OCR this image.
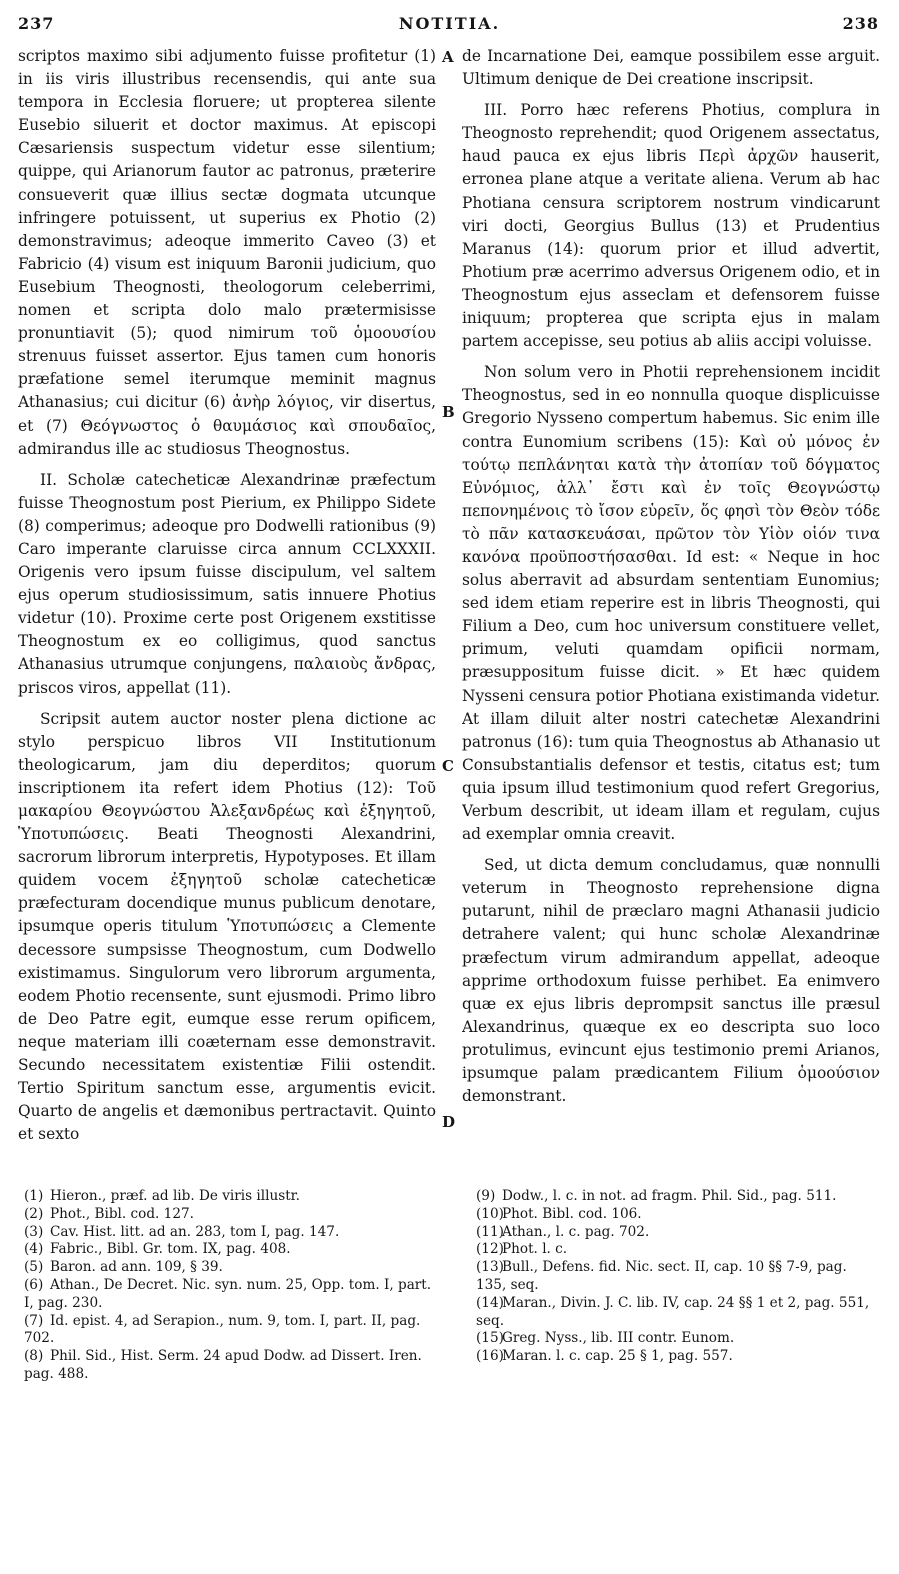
237	NOTITIA.	238

scriptos maximo sibi adjumento fuisse profitetur (1) in iis viris illustribus recensendis, qui ante sua tempora in Ecclesia floruere; ut propterea silente Eusebio siluerit et doctor maximus. At episcopi Cæsariensis suspectum videtur esse silentium; quippe, qui Arianorum fautor ac patronus, præterire consueverit quæ illius sectæ dogmata utcunque infringere potuissent, ut superius ex Photio (2) demonstravimus; adeoque immerito Caveo (3) et Fabricio (4) visum est iniquum Baronii judicium, quo Eusebium Theognosti, theologorum celeberrimi, nomen et scripta dolo malo prætermisisse pronuntiavit (5); quod nimirum τοῦ ὁμοουσίου strenuus fuisset assertor. Ejus tamen cum honoris præfatione semel iterumque meminit magnus Athanasius; cui dicitur (6) ἀνὴρ λόγιος, vir disertus, et (7) Θεόγνωστος ὁ θαυμάσιος καὶ σπουδαῖος, admirandus ille ac studiosus Theognostus.

II. Scholæ catecheticæ Alexandrinæ præfectum fuisse Theognostum post Pierium, ex Philippo Sidete (8) comperimus; adeoque pro Dodwelli rationibus (9) Caro imperante claruisse circa annum CCLXXXII. Origenis vero ipsum fuisse discipulum, vel saltem ejus operum studiosissimum, satis innuere Photius videtur (10). Proxime certe post Origenem exstitisse Theognostum ex eo colligimus, quod sanctus Athanasius utrumque conjungens, παλαιοὺς ἄνδρας, priscos viros, appellat (11).

Scripsit autem auctor noster plena dictione ac stylo perspicuo libros VII Institutionum theologicarum, jam diu deperditos; quorum inscriptionem ita refert idem Photius (12): Τοῦ μακαρίου Θεογνώστου Ἀλεξανδρέως καὶ ἐξηγητοῦ, Ὑποτυπώσεις. Beati Theognosti Alexandrini, sacrorum librorum interpretis, Hypotyposes. Et illam quidem vocem ἐξηγητοῦ scholæ catecheticæ præfecturam docendique munus publicum denotare, ipsumque operis titulum Ὑποτυπώσεις a Clemente decessore sumpsisse Theognostum, cum Dodwello existimamus. Singulorum vero librorum argumenta, eodem Photio recensente, sunt ejusmodi. Primo libro de Deo Patre egit, eumque esse rerum opificem, neque materiam illi coæternam esse demonstravit. Secundo necessitatem existentiæ Filii ostendit. Tertio Spiritum sanctum esse, argumentis evicit. Quarto de angelis et dæmonibus pertractavit. Quinto et sexto

A
B
C
D

de Incarnatione Dei, eamque possibilem esse arguit. Ultimum denique de Dei creatione inscripsit.

III. Porro hæc referens Photius, complura in Theognosto reprehendit; quod Origenem assectatus, haud pauca ex ejus libris Περὶ ἀρχῶν hauserit, erronea plane atque a veritate aliena. Verum ab hac Photiana censura scriptorem nostrum vindicarunt viri docti, Georgius Bullus (13) et Prudentius Maranus (14): quorum prior et illud advertit, Photium præ acerrimo adversus Origenem odio, et in Theognostum ejus asseclam et defensorem fuisse iniquum; propterea que scripta ejus in malam partem accepisse, seu potius ab aliis accipi voluisse.

Non solum vero in Photii reprehensionem incidit Theognostus, sed in eo nonnulla quoque displicuisse Gregorio Nysseno compertum habemus. Sic enim ille contra Eunomium scribens (15): Καὶ οὐ μόνος ἐν τούτῳ πεπλάνηται κατὰ τὴν ἀτοπίαν τοῦ δόγματος Εὐνόμιος, ἀλλ᾽ ἔστι καὶ ἐν τοῖς Θεογνώστῳ πεπονημένοις τὸ ἴσον εὑρεῖν, ὅς φησὶ τὸν Θεὸν τόδε τὸ πᾶν κατασκευάσαι, πρῶτον τὸν Υἱὸν οἱόν τινα κανόνα προϋποστήσασθαι. Id est: « Neque in hoc solus aberravit ad absurdam sententiam Eunomius; sed idem etiam reperire est in libris Theognosti, qui Filium a Deo, cum hoc universum constituere vellet, primum, veluti quamdam opificii normam, præsuppositum fuisse dicit. » Et hæc quidem Nysseni censura potior Photiana existimanda videtur. At illam diluit alter nostri catechetæ Alexandrini patronus (16): tum quia Theognostus ab Athanasio ut Consubstantialis defensor et testis, citatus est; tum quia ipsum illud testimonium quod refert Gregorius, Verbum describit, ut ideam illam et regulam, cujus ad exemplar omnia creavit.

Sed, ut dicta demum concludamus, quæ nonnulli veterum in Theognosto reprehensione digna putarunt, nihil de præclaro magni Athanasii judicio detrahere valent; qui hunc scholæ Alexandrinæ præfectum virum admirandum appellat, adeoque apprime orthodoxum fuisse perhibet. Ea enimvero quæ ex ejus libris deprompsit sanctus ille præsul Alexandrinus, quæque ex eo descripta suo loco protulimus, evincunt ejus testimonio premi Arianos, ipsumque palam prædicantem Filium ὁμοούσιον demonstrant.

(1) Hieron., præf. ad lib. De viris illustr.

(2) Phot., Bibl. cod. 127.

(3) Cav. Hist. litt. ad an. 283, tom I, pag. 147.

(4) Fabric., Bibl. Gr. tom. IX, pag. 408.

(5) Baron. ad ann. 109, § 39.

(6) Athan., De Decret. Nic. syn. num. 25, Opp. tom. I, part. I, pag. 230.

(7) Id. epist. 4, ad Serapion., num. 9, tom. I, part. II, pag. 702.

(8) Phil. Sid., Hist. Serm. 24 apud Dodw. ad Dissert. Iren. pag. 488.

(9) Dodw., l. c. in not. ad fragm. Phil. Sid., pag. 511.

(10)Phot. Bibl. cod. 106.

(11)Athan., l. c. pag. 702.

(12)Phot. l. c.

(13)Bull., Defens. fid. Nic. sect. II, cap. 10 §§ 7-9, pag. 135, seq.

(14)Maran., Divin. J. C. lib. IV, cap. 24 §§ 1 et 2, pag. 551, seq.

(15)Greg. Nyss., lib. III contr. Eunom.

(16)Maran. l. c. cap. 25 § 1, pag. 557.
